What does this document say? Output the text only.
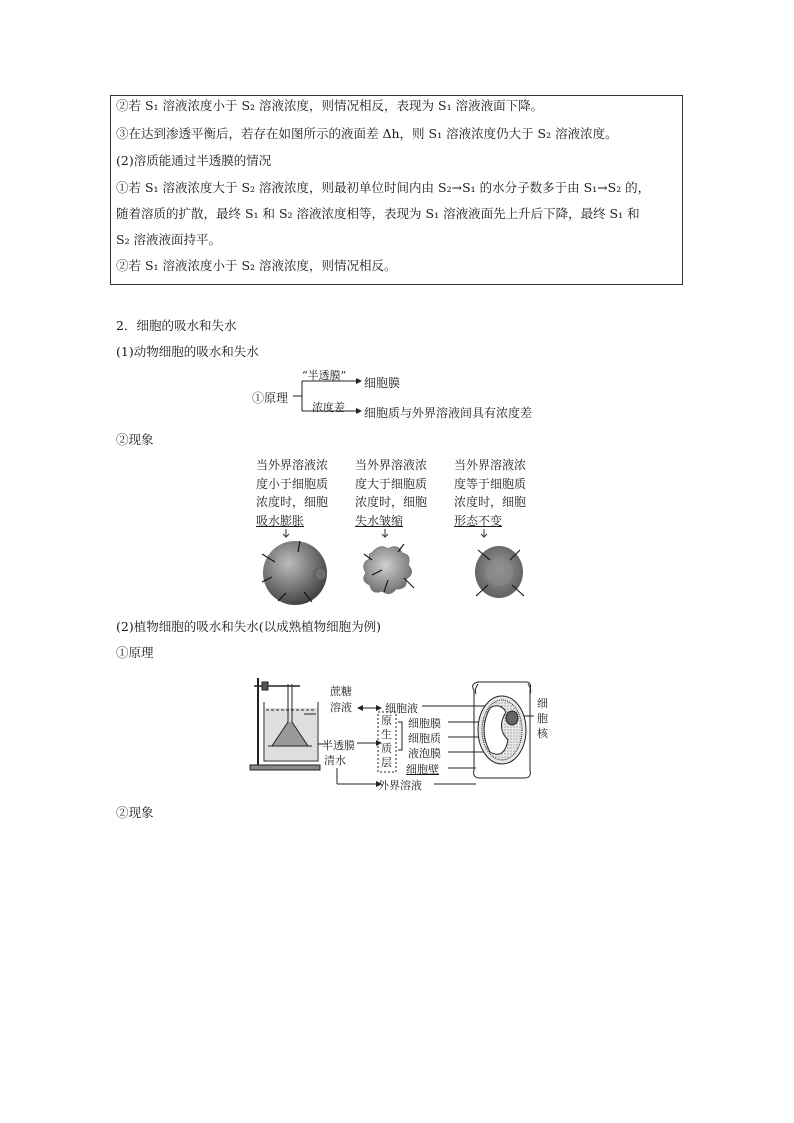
②若 S₁ 溶液浓度小于 S₂ 溶液浓度，则情况相反，表现为 S₁ 溶液液面下降。
③在达到渗透平衡后，若存在如图所示的液面差 Δh，则 S₁ 溶液浓度仍大于 S₂ 溶液浓度。
(2)溶质能通过半透膜的情况
①若 S₁ 溶液浓度大于 S₂ 溶液浓度，则最初单位时间内由 S₂→S₁ 的水分子数多于由 S₁→S₂ 的，
随着溶质的扩散，最终 S₁ 和 S₂ 溶液浓度相等，表现为 S₁ 溶液液面先上升后下降，最终 S₁ 和
S₂ 溶液液面持平。
②若 S₁ 溶液浓度小于 S₂ 溶液浓度，则情况相反。
2．细胞的吸水和失水
(1)动物细胞的吸水和失水
①原理
“半透膜”
细胞膜
浓度差 细胞质与外界溶液间具有浓度差
②现象
当外界溶液浓
度小于细胞质
浓度时，细胞
吸水膨胀
当外界溶液浓
度大于细胞质
浓度时，细胞
失水皱缩
当外界溶液浓
度等于细胞质
浓度时，细胞
形态不变
(2)植物细胞的吸水和失水(以成熟植物细胞为例)
①原理
蔗糖
溶液
半透膜
清水
细胞液
原
生
质
层
细胞膜
细胞质
液泡膜
细胞壁
外界溶液
细
胞
核
②现象
